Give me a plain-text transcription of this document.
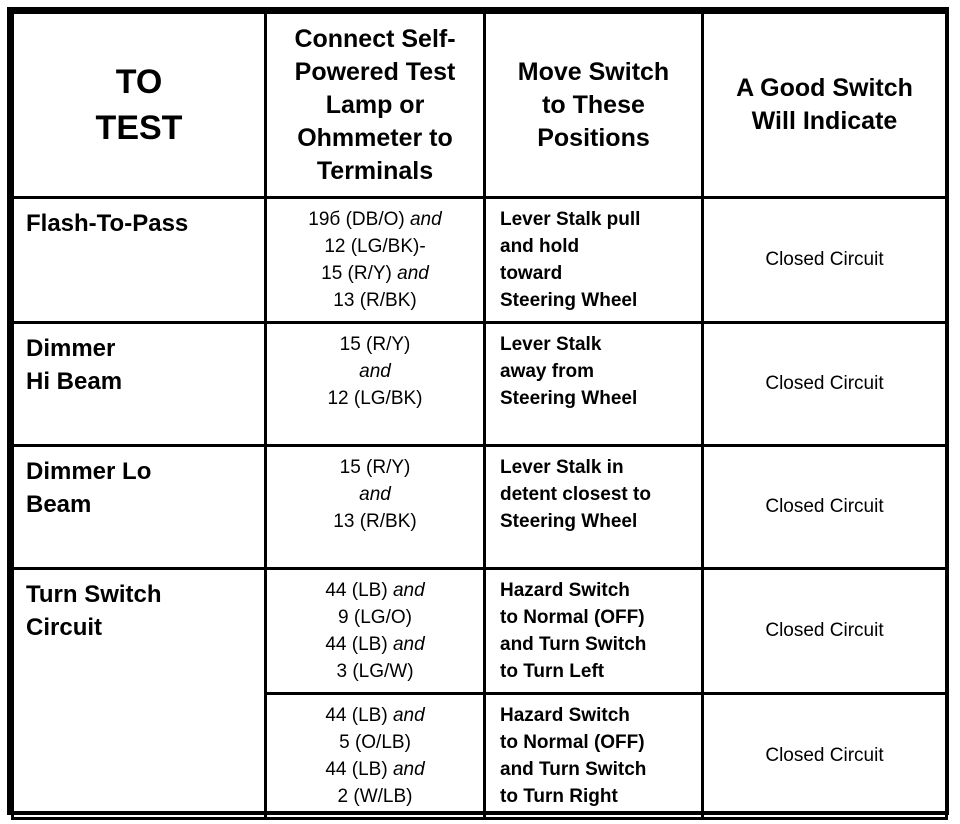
TO
TEST	Connect Self-
Powered Test
Lamp or
Ohmmeter to
Terminals	Move Switch
to These
Positions	A Good Switch
Will Indicate

Flash-To-Pass	19б (DB/O) and
12 (LG/BK)-
15 (R/Y) and
13 (R/BK)	Lever Stalk pull
and hold
toward
Steering Wheel	Closed Circuit

Dimmer
Hi Beam	15 (R/Y)
and
12 (LG/BK)	Lever Stalk
away from
Steering Wheel	Closed Circuit

Dimmer Lo
Beam	15 (R/Y)
and
13 (R/BK)	Lever Stalk in
detent closest to
Steering Wheel	Closed Circuit

Turn Switch
Circuit	44 (LB) and
9 (LG/O)
44 (LB) and
3 (LG/W)	Hazard Switch
to Normal (OFF)
and Turn Switch
to Turn Left	Closed Circuit

	44 (LB) and
5 (O/LB)
44 (LB) and
2 (W/LB)	Hazard Switch
to Normal (OFF)
and Turn Switch
to Turn Right	Closed Circuit
